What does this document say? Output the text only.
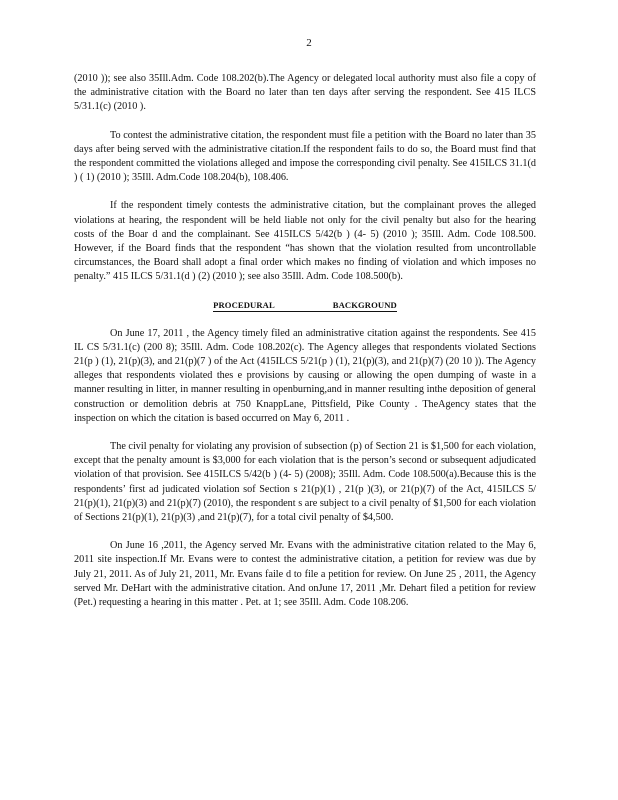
2

(2010 )); see also 35Ill.Adm. Code 108.202(b).The Agency or delegated local authority must also file a copy of the administrative citation with the Board no later than ten days after serving the respondent. See 415 ILCS 5/31.1(c) (2010 ).

To contest the administrative citation, the respondent must file a petition with the Board no later than 35 days after being served with the administrative citation.If the respondent fails to do so, the Board must find that the respondent committed the violations alleged and impose the corresponding civil penalty. See 415ILCS 31.1(d ) ( 1) (2010 ); 35Ill. Adm.Code 108.204(b), 108.406.

If the respondent timely contests the administrative citation, but the complainant proves the alleged violations at hearing, the respondent will be held liable not only for the civil penalty but also for the hearing costs of the Boar d and the complainant. See 415ILCS 5/42(b ) (4- 5) (2010 ); 35Ill. Adm. Code 108.500. However, if the Board finds that the respondent “has shown that the violation resulted from uncontrollable circumstances, the Board shall adopt a final order which makes no finding of violation and which imposes no penalty.” 415 ILCS 5/31.1(d ) (2) (2010 ); see also 35Ill. Adm. Code 108.500(b).

PROCEDURAL	BACKGROUND

On June 17, 2011 , the Agency timely filed an administrative citation against the respondents. See 415 IL CS 5/31.1(c) (200 8); 35Ill. Adm. Code 108.202(c). The Agency alleges that respondents violated Sections 21(p ) (1), 21(p)(3), and 21(p)(7 ) of the Act (415ILCS 5/21(p ) (1), 21(p)(3), and 21(p)(7) (20 10 )). The Agency alleges that respondents violated thes e provisions by causing or allowing the open dumping of waste in a manner resulting in litter, in manner resulting in openburning,and in manner resulting inthe deposition of general construction or demolition debris at 750 KnappLane, Pittsfield, Pike County . TheAgency states that the inspection on which the citation is based occurred on May 6, 2011 .

The civil penalty for violating any provision of subsection (p) of Section 21 is $1,500 for each violation, except that the penalty amount is $3,000 for each violation that is the person’s second or subsequent adjudicated violation of that provision. See 415ILCS 5/42(b ) (4- 5) (2008); 35Ill. Adm. Code 108.500(a).Because this is the respondents’ first ad judicated violation sof Section s 21(p)(1) , 21(p )(3), or 21(p)(7) of the Act, 415ILCS 5/ 21(p)(1), 21(p)(3) and 21(p)(7) (2010), the respondent s are subject to a civil penalty of $1,500 for each violation of Sections 21(p)(1), 21(p)(3) ,and 21(p)(7), for a total civil penalty of $4,500.

On June 16 ,2011, the Agency served Mr. Evans with the administrative citation related to the May 6, 2011 site inspection.If Mr. Evans were to contest the administrative citation, a petition for review was due by July 21, 2011. As of July 21, 2011, Mr. Evans faile d to file a petition for review. On June 25 , 2011, the Agency served Mr. DeHart with the administrative citation. And onJune 17, 2011 ,Mr. Dehart filed a petition for review (Pet.) requesting a hearing in this matter . Pet. at 1; see 35Ill. Adm. Code 108.206.
